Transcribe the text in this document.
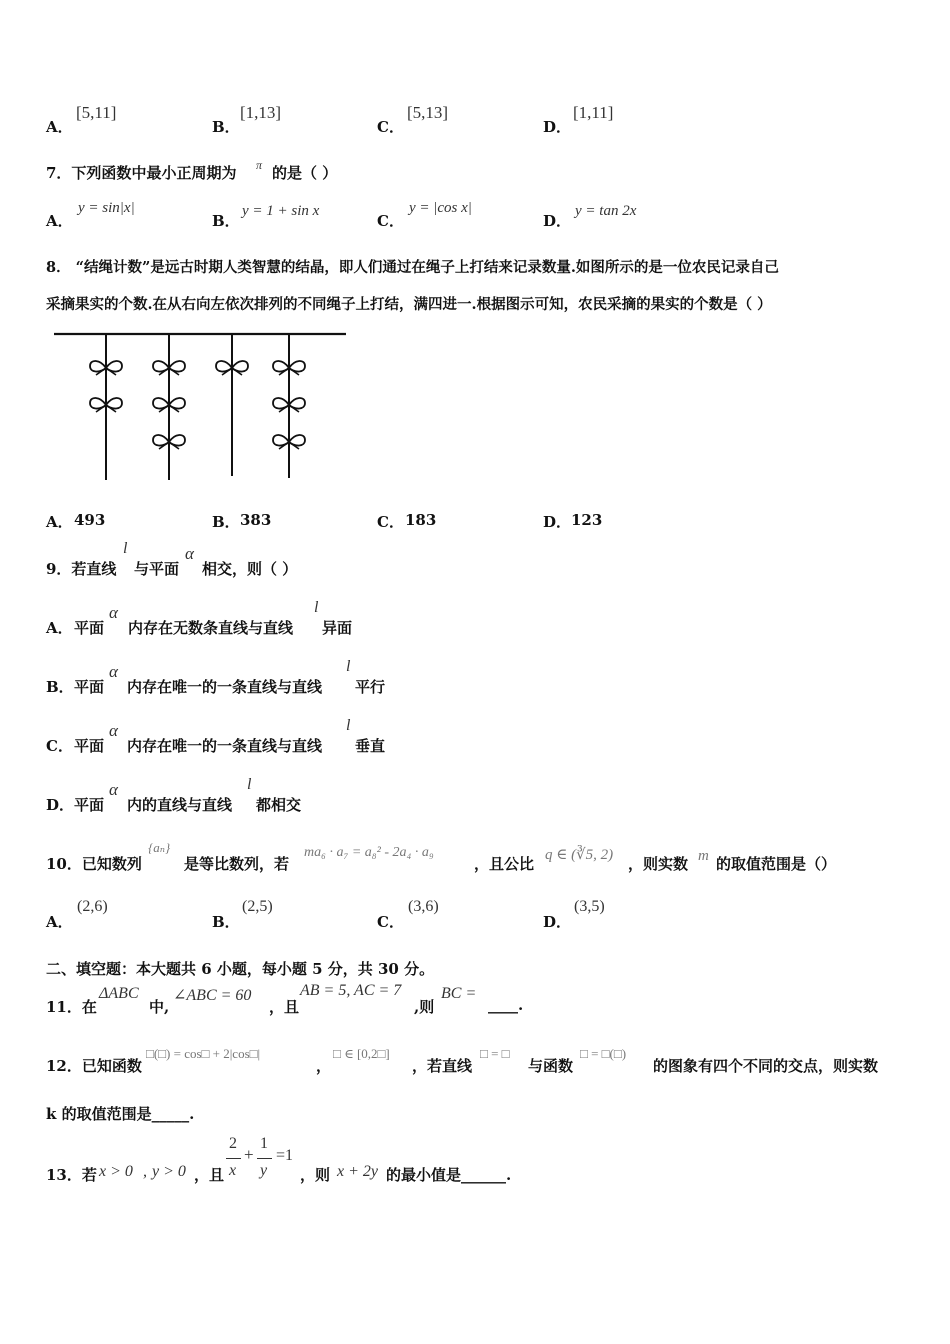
A．
[5,11]
B．
[1,13]
C．
[5,13]
D．
[1,11]
7．下列函数中最小正周期为 π 的是（ ）
A．
y = sin|x|
B．
y = 1 + sin x
C．
y = |cos x|
D．
y = tan 2x
8． “结绳计数”是远古时期人类智慧的结晶，即人们通过在绳子上打结来记录数量.如图所示的是一位农民记录自己
采摘果实的个数.在从右向左依次排列的不同绳子上打结，满四进一.根据图示可知，农民采摘的果实的个数是（ ）
A． 493	B． 383	C． 183	D． 123
9．若直线
l
与平面
α
相交，则（ ）
A． 平面
α
内存在无数条直线与直线
l
异面
B． 平面
α
内存在唯一的一条直线与直线
l
平行
C． 平面
α
内存在唯一的一条直线与直线
l
垂直
D． 平面
α
内的直线与直线
l
都相交
10．已知数列
{aₙ}
是等比数列，若
ma₆ · a₇ = a₈² - 2a₄ · a₉
，且公比 q ∈ (∛5, 2) ，则实数 m 的取值范围是（）
A．
(2,6)
B．
(2,5)
C．
(3,6)
D．
(3,5)
二、填空题：本大题共 6 小题，每小题 5 分，共 30 分。
11．在
ΔABC
中,
∠ABC = 60
，且
AB = 5, AC = 7
,则
BC =
____.
12．已知函数
□(□) = cos□ + 2|cos□|
，
□ ∈ [0,2□]
，若直线
□ = □
与函数
□ = □(□)
的图象有四个不同的交点，则实数
k 的取值范围是_____.
13．若 x > 0 , y > 0 ，且
2
x
+
1
y
=1
，则 x + 2y 的最小值是______.
